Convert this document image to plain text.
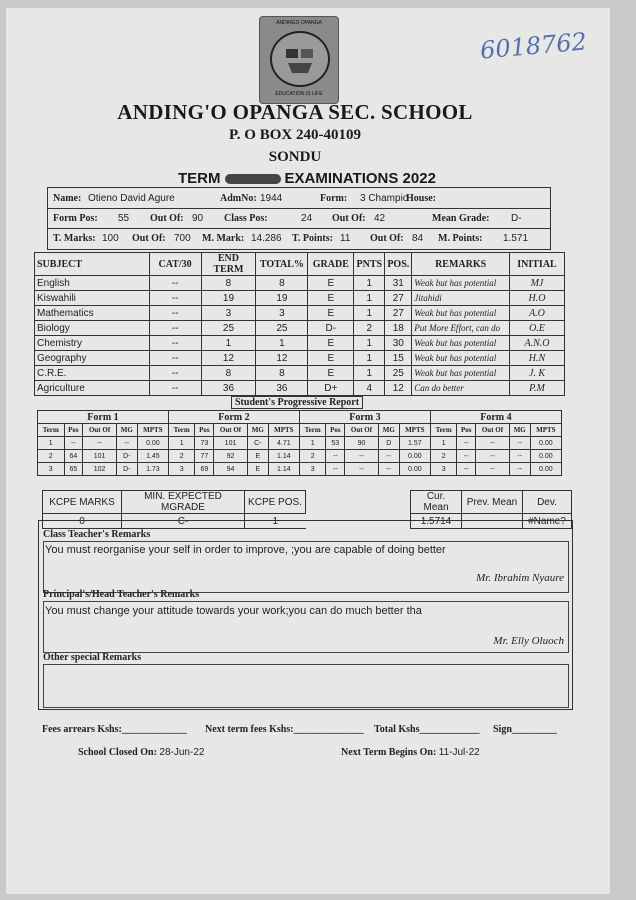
ANDINGO OPANGA
EDUCATION IS LIFE
6018762
ANDING'O OPANGA SEC. SCHOOL
P. O BOX 240-40109
SONDU
TERM	EXAMINATIONS 2022
Name: Otieno David Agure	AdmNo: 1944	Form: 3 Champio
House:
Form Pos: 55 Out Of: 90 Class Pos:	24 Out Of: 42	Mean Grade: D-
T. Marks: 100 Out Of: 700 M. Mark: 14.286 T. Points: 11 Out Of: 84 M. Points: 1.571
SUBJECT	CAT/30	END TERM	TOTAL%	GRADE	PNTS	POS.	REMARKS	INITIAL
English	--	8	8	E	1	31	Weak but has potential	MJ
Kiswahili	--	19	19	E	1	27	Jitahidi	H.O
Mathematics	--	3	3	E	1	27	Weak but has potential	A.O
Biology	--	25	25	D-	2	18	Put More Effort, can do	O.E
Chemistry	--	1	1	E	1	30	Weak but has potential	A.N.O
Geography	--	12	12	E	1	15	Weak but has potential	H.N
C.R.E.	--	8	8	E	1	25	Weak but has potential	J. K
Agriculture	--	36	36	D+	4	12	Can do better	P.M
Student's Progressive Report
Form 1					Form 2					Form 3					Form 4				
Term	Pos	Out Of	MG	MPTS	Term	Pos	Out Of	MG	MPTS	Term	Pos	Out Of	MG	MPTS	Term	Pos	Out Of	MG	MPTS
1	--	--	--	0.00	1	73	101	C-	4.71	1	53	90	D	1.57	1	--	--	--	0.00
2	64	101	D-	1.45	2	77	92	E	1.14	2	--	--	--	0.00	2	--	--	--	0.00
3	65	102	D-	1.73	3	69	94	E	1.14	3	--	--	--	0.00	3	--	--	--	0.00
KCPE MARKS	MIN. EXPECTED MGRADE	KCPE POS.
0	C-	1
Cur. Mean	Prev. Mean	Dev.
1.5714		#Name?
Class Teacher's Remarks
You must reorganise your self in order to improve, ;you are capable of doing better
Mr. Ibrahim Nyaure
Principal's/Head Teacher's Remarks
You must change your attitude towards your work;you can do much better tha
Mr. Elly Oluoch
Other special Remarks
Fees arrears Kshs:_____________ Next term fees Kshs:______________ Total Kshs____________ Sign_________
School Closed On: 28-Jun-22	Next Term Begins On: 11-Jul-22
